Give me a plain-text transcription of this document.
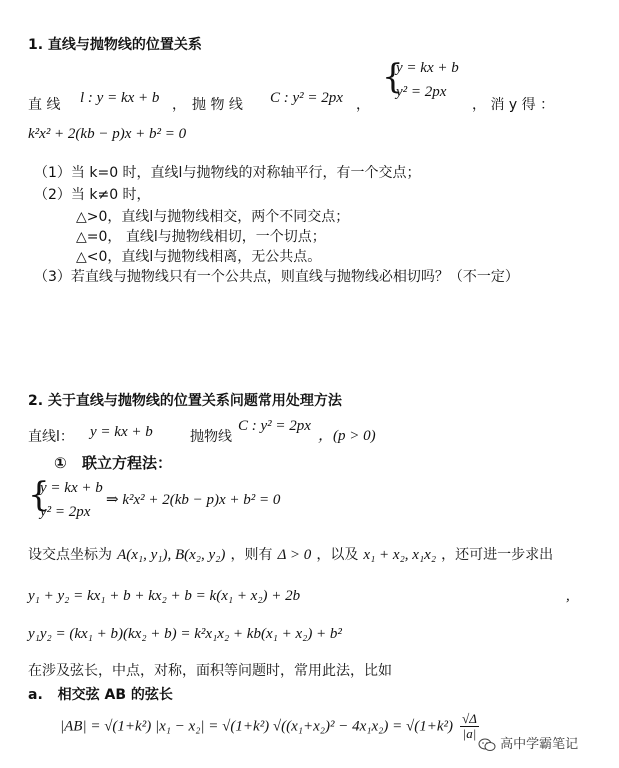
1. 直线与抛物线的位置关系
直 线 l : y = kx + b ， 抛 物 线 C : y² = 2px ，
{
y = kx + b
y² = 2px
， 消 y 得 ：
k²x² + 2(kb − p)x + b² = 0
（1）当 k=0 时，直线l与抛物线的对称轴平行，有一个交点；
（2）当 k≠0 时，
△>0，直线l与抛物线相交，两个不同交点；
△=0， 直线l与抛物线相切，一个切点；
△<0，直线l与抛物线相离，无公共点。
（3）若直线与抛物线只有一个公共点，则直线与抛物线必相切吗？（不一定）
2. 关于直线与抛物线的位置关系问题常用处理方法
直线l： y = kx + b	抛物线
C : y² = 2px
，(p > 0)
① 联立方程法：
{
y = kx + b
y² = 2px
⇒ k²x² + 2(kb − p)x + b² = 0
设交点坐标为 A(x₁, y₁), B(x₂, y₂) ，则有 Δ > 0 ，以及 x₁ + x₂, x₁x₂ ，还可进一步求出
y₁ + y₂ = kx₁ + b + kx₂ + b = k(x₁ + x₂) + 2b	,
y₁y₂ = (kx₁ + b)(kx₂ + b) = k²x₁x₂ + kb(x₁ + x₂) + b²
在涉及弦长，中点，对称，面积等问题时，常用此法，比如
a. 相交弦 AB 的弦长
|AB| = √(1+k²) |x₁ − x₂| = √(1+k²) $√((x_1+x_2)^2 - 4x_1x_2) = √(1+k^2) \frac{√\Delta}{|a|}$
高中学霸笔记
